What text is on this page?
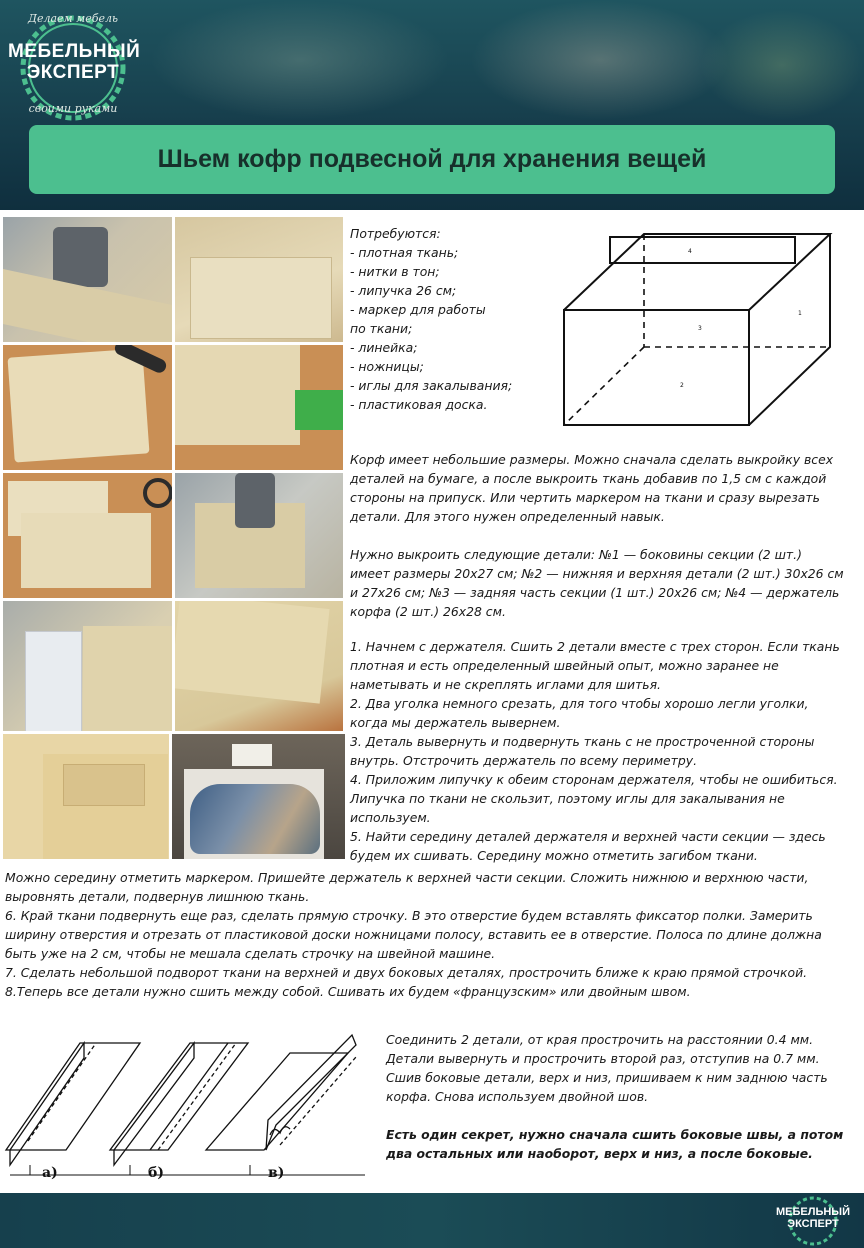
Делаем мебель
МЕБЕЛЬНЫЙ
ЭКСПЕРТ
своими руками
Шьем кофр подвесной для хранения вещей
Потребуются:
- плотная ткань;
- нитки в тон;
- липучка 26 см;
- маркер для работы
по ткани;
- линейка;
- ножницы;
- иглы для закалывания;
- пластиковая доска.
4
3
1
2

Корф имеет небольшие размеры. Можно сначала сделать выкройку всех деталей на бумаге, а после выкроить ткань добавив по 1,5 см с каждой стороны на припуск. Или чертить маркером на ткани и сразу вырезать детали. Для этого нужен определенный навык.

Нужно выкроить следующие детали: №1 — боковины секции (2 шт.) имеет размеры 20х27 см; №2 — нижняя и верхняя детали (2 шт.) 30х26 см и 27х26 см; №3 — задняя часть секции (1 шт.) 20х26 см; №4 — держатель корфа (2 шт.) 26х28 см.

1. Начнем с держателя. Сшить 2 детали вместе с трех сторон. Если ткань плотная и есть определенный швейный опыт, можно заранее не наметывать и не скреплять иглами для шитья.
2. Два уголка немного срезать, для того чтобы хорошо легли уголки, когда мы держатель вывернем.
3. Деталь вывернуть и подвернуть ткань с не простроченной стороны внутрь. Отстрочить держатель по всему периметру.
4. Приложим липучку к обеим сторонам держателя, чтобы не ошибиться. Липучка по ткани не скользит, поэтому иглы для закалывания не используем.
5. Найти середину деталей держателя и верхней части секции — здесь будем их сшивать. Середину можно отметить загибом ткани.
Можно середину отметить маркером. Пришейте держатель к верхней части секции. Сложить нижнюю и верхнюю части, выровнять детали, подвернув лишнюю ткань.
6. Край ткани подвернуть еще раз, сделать прямую строчку. В это отверстие будем вставлять фиксатор полки. Замерить ширину отверстия и отрезать от пластиковой доски ножницами полосу, вставить ее в отверстие. Полоса по длине должна быть уже на 2 см, чтобы не мешала сделать строчку на швейной машине.
7. Сделать небольшой подворот ткани на верхней и двух боковых деталях, прострочить ближе к краю прямой строчкой.
8.Теперь все детали нужно сшить между собой. Сшивать их будем «французским» или двойным швом.
а)	б)	в)

Соединить 2 детали, от края прострочить на расстоянии 0.4 мм. Детали вывернуть и прострочить второй раз, отступив на 0.7 мм. Сшив боковые детали, верх и низ, пришиваем к ним заднюю часть корфа. Снова используем двойной шов.

Есть один секрет, нужно сначала сшить боковые швы, а потом два остальных или наоборот, верх и низ, а после боковые.

МЕБЕЛЬНЫЙ
ЭКСПЕРТ
